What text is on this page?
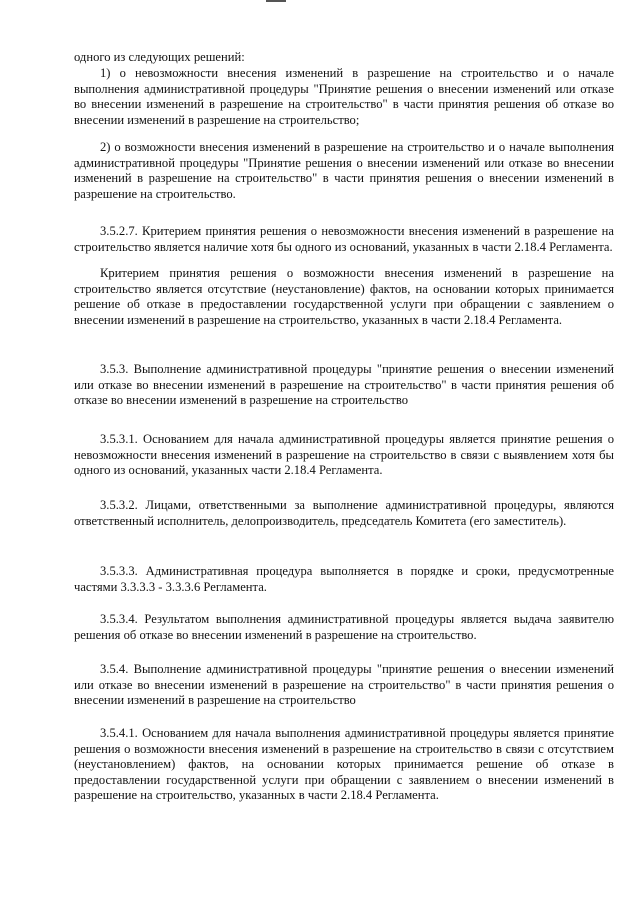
одного из следующих решений:

1) о невозможности внесения изменений в разрешение на строительство и о начале выполнения административной процедуры "Принятие решения о внесении изменений или отказе во внесении изменений в разрешение на строительство" в части принятия решения об отказе во внесении изменений в разрешение на строительство;

2) о возможности внесения изменений в разрешение на строительство и о начале выполнения административной процедуры "Принятие решения о внесении изменений или отказе во внесении изменений в разрешение на строительство" в части принятия решения о внесении изменений в разрешение на строительство.

3.5.2.7. Критерием принятия решения о невозможности внесения изменений в разрешение на строительство является наличие хотя бы одного из оснований, указанных в части 2.18.4 Регламента.

Критерием принятия решения о возможности внесения изменений в разрешение на строительство является отсутствие (неустановление) фактов, на основании которых принимается решение об отказе в предоставлении государственной услуги при обращении с заявлением о внесении изменений в разрешение на строительство, указанных в части 2.18.4 Регламента.

3.5.3. Выполнение административной процедуры "принятие решения о внесении изменений или отказе во внесении изменений в разрешение на строительство" в части принятия решения об отказе во внесении изменений в разрешение на строительство

3.5.3.1. Основанием для начала административной процедуры является принятие решения о невозможности внесения изменений в разрешение на строительство в связи с выявлением хотя бы одного из оснований, указанных части 2.18.4 Регламента.

3.5.3.2. Лицами, ответственными за выполнение административной процедуры, являются ответственный исполнитель, делопроизводитель, председатель Комитета (его заместитель).

3.5.3.3. Административная процедура выполняется в порядке и сроки, предусмотренные частями 3.3.3.3 - 3.3.3.6 Регламента.

3.5.3.4. Результатом выполнения административной процедуры является выдача заявителю решения об отказе во внесении изменений в разрешение на строительство.

3.5.4. Выполнение административной процедуры "принятие решения о внесении изменений или отказе во внесении изменений в разрешение на строительство" в части принятия решения о внесении изменений в разрешение на строительство

3.5.4.1. Основанием для начала выполнения административной процедуры является принятие решения о возможности внесения изменений в разрешение на строительство в связи с отсутствием (неустановлением) фактов, на основании которых принимается решение об отказе в предоставлении государственной услуги при обращении с заявлением о внесении изменений в разрешение на строительство, указанных в части 2.18.4 Регламента.
